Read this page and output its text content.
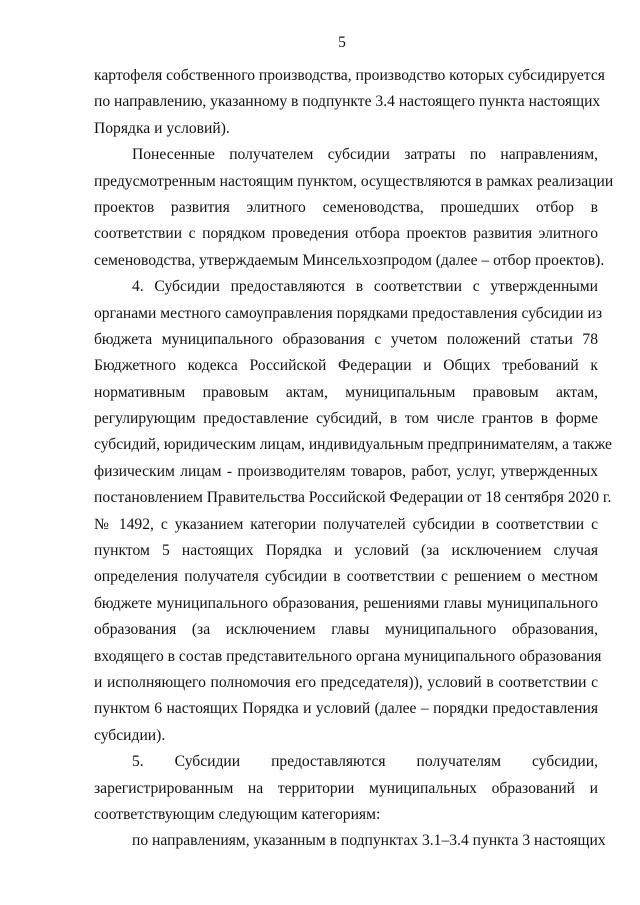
5
картофеля собственного производства, производство которых субсидируется
по направлению, указанному в подпункте 3.4 настоящего пункта настоящих
Порядка и условий).
Понесенные получателем субсидии затраты по направлениям,
предусмотренным настоящим пунктом, осуществляются в рамках реализации
проектов развития элитного семеноводства, прошедших отбор в
соответствии с порядком проведения отбора проектов развития элитного
семеноводства, утверждаемым Минсельхозпродом (далее – отбор проектов).
4. Субсидии предоставляются в соответствии с утвержденными
органами местного самоуправления порядками предоставления субсидии из
бюджета муниципального образования с учетом положений статьи 78
Бюджетного кодекса Российской Федерации и Общих требований к
нормативным правовым актам, муниципальным правовым актам,
регулирующим предоставление субсидий, в том числе грантов в форме
субсидий, юридическим лицам, индивидуальным предпринимателям, а также
физическим лицам - производителям товаров, работ, услуг, утвержденных
постановлением Правительства Российской Федерации от 18 сентября 2020 г.
№ 1492, с указанием категории получателей субсидии в соответствии с
пунктом 5 настоящих Порядка и условий (за исключением случая
определения получателя субсидии в соответствии с решением о местном
бюджете муниципального образования, решениями главы муниципального
образования (за исключением главы муниципального образования,
входящего в состав представительного органа муниципального образования
и исполняющего полномочия его председателя)), условий в соответствии с
пунктом 6 настоящих Порядка и условий (далее – порядки предоставления
субсидии).
5. Субсидии предоставляются получателям субсидии,
зарегистрированным на территории муниципальных образований и
соответствующим следующим категориям:
по направлениям, указанным в подпунктах 3.1–3.4 пункта 3 настоящих
